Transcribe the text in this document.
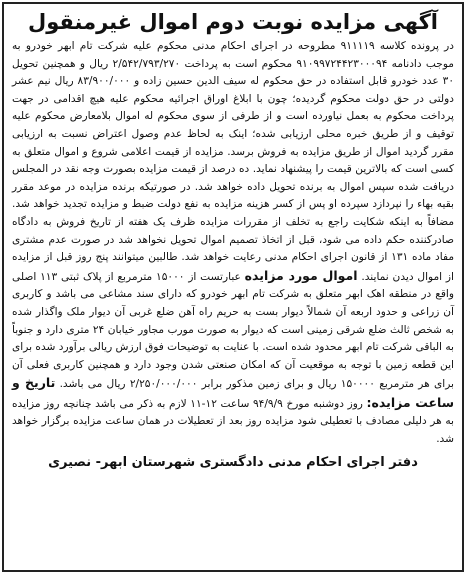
آگهی مزایده نوبت دوم اموال غیرمنقول

در پرونده کلاسه ۹۱۱۱۱۹ مطروحه در اجرای احکام مدنی محکوم علیه شرکت تام ابهر خودرو به موجب دادنامه ۹۱۰۹۹۷۲۴۴۲۳۰۰۰۹۴ محکوم است به پرداخت ۲/۵۴۲/۷۹۳/۲۷۰ ریال و همچنین تحویل ۳۰ عدد خودرو قابل استفاده در حق محکوم له سیف الدین حسین زاده و ۸۳/۹۰۰/۰۰۰ ریال نیم عشر دولتی در حق دولت محکوم گردیده؛ چون با ابلاغ اوراق اجرائیه محکوم علیه هیچ اقدامی در جهت پرداخت محکوم به بعمل نیاورده است و از طرفی از سوی محکوم له اموال بلامعارض محکوم علیه توقیف و از طریق خبره محلی ارزیابی شده؛ اینک به لحاظ عدم وصول اعتراض نسبت به ارزیابی مقرر گردید اموال از طریق مزایده به فروش برسد. مزایده از قیمت اعلامی شروع و اموال متعلق به کسی است که بالاترین قیمت را پیشنهاد نماید. ده درصد از قیمت مزایده بصورت وجه نقد در المجلس دریافت شده سپس اموال به برنده تحویل داده خواهد شد. در صورتیکه برنده مزایده در موعد مقرر بقیه بهاء را نپردازد سپرده او پس از کسر هزینه مزایده به نفع دولت ضبط و مزایده تجدید خواهد شد. مضافاً به اینکه شکایت راجع به تخلف از مقررات مزایده ظرف یک هفته از تاریخ فروش به دادگاه صادرکننده حکم داده می شود، قبل از اتخاذ تصمیم اموال تحویل نخواهد شد در صورت عدم مشتری مفاد ماده ۱۳۱ از قانون اجرای احکام مدنی رعایت خواهد شد. طالبین میتوانند پنج روز قبل از مزایده از اموال دیدن نمایند. اموال مورد مزایده عبارتست از ۱۵۰۰۰ مترمربع از پلاک ثبتی ۱۱۳ اصلی واقع در منطقه اهک ابهر متعلق به شرکت تام ابهر خودرو که دارای سند مشاعی می باشد و کاربری آن زراعی و حدود اربعه آن شمالاً دیوار بست به حریم راه آهن ضلع غربی آن دیوار ملک واگذار شده به شخص ثالث ضلع شرقی زمینی است که دیوار به صورت مورب مجاور خیابان ۲۴ متری دارد و جنوباً به الباقی شرکت تام ابهر محدود شده است. با عنایت به توضیحات فوق ارزش ریالی برآورد شده برای این قطعه زمین با توجه به موقعیت آن که امکان صنعتی شدن وجود دارد و همچنین کاربری فعلی آن برای هر مترمربع ۱۵۰۰۰۰ ریال و برای زمین مذکور برابر ۲/۲۵۰/۰۰۰/۰۰۰ ریال می باشد. تاریخ و ساعت مزایده: روز دوشنبه مورخ ۹۴/۹/۹ ساعت ۱۲-۱۱ لازم به ذکر می باشد چنانچه روز مزایده به هر دلیلی مصادف با تعطیلی شود مزایده روز بعد از تعطیلات در همان ساعت مزایده برگزار خواهد شد.

دفتر اجرای احکام مدنی دادگستری شهرستان ابهر- نصیری
